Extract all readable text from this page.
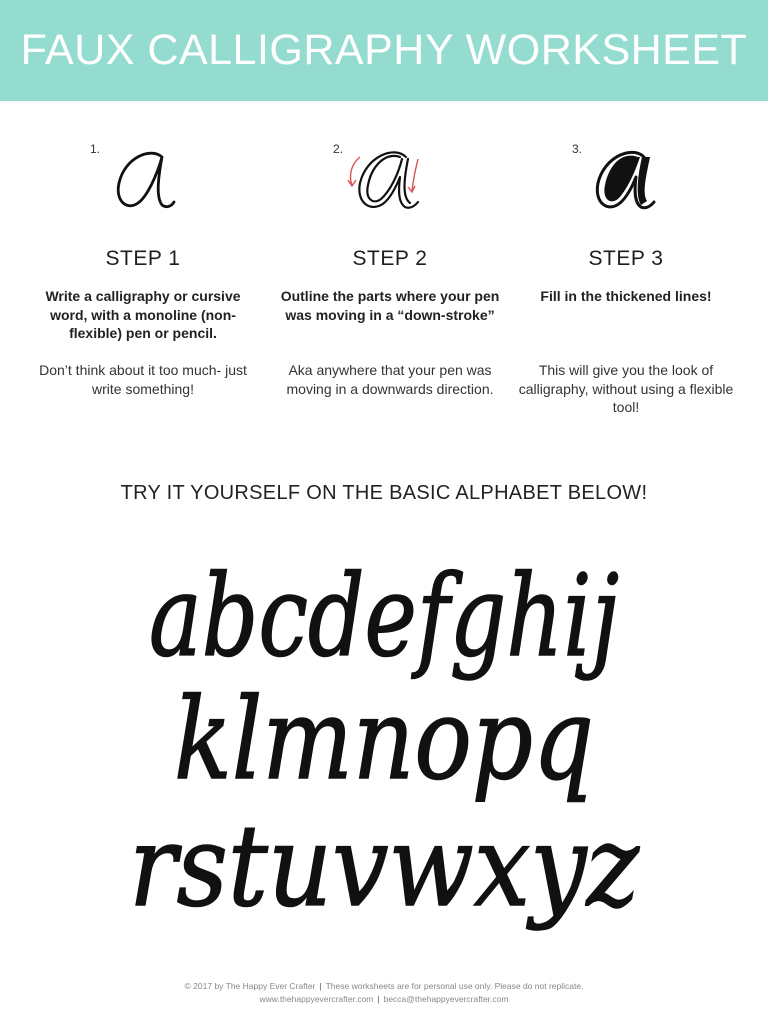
FAUX CALLIGRAPHY WORKSHEET
1.
STEP 1
Write a calligraphy or cursive word, with a monoline (non-flexible) pen or pencil.
Don’t think about it too much- just write something!
2.
STEP 2
Outline the parts where your pen was moving in a “down-stroke”
Aka anywhere that your pen was moving in a downwards direction.
3.
STEP 3
Fill in the thickened lines!
This will give you the look of calligraphy, without using a flexible tool!
TRY IT YOURSELF ON THE BASIC ALPHABET BELOW!
abcdefghij
klmnopq
rstuvwxyz
© 2017 by The Happy Ever Crafter | These worksheets are for personal use only. Please do not replicate.
www.thehappyevercrafter.com | becca@thehappyevercrafter.com
